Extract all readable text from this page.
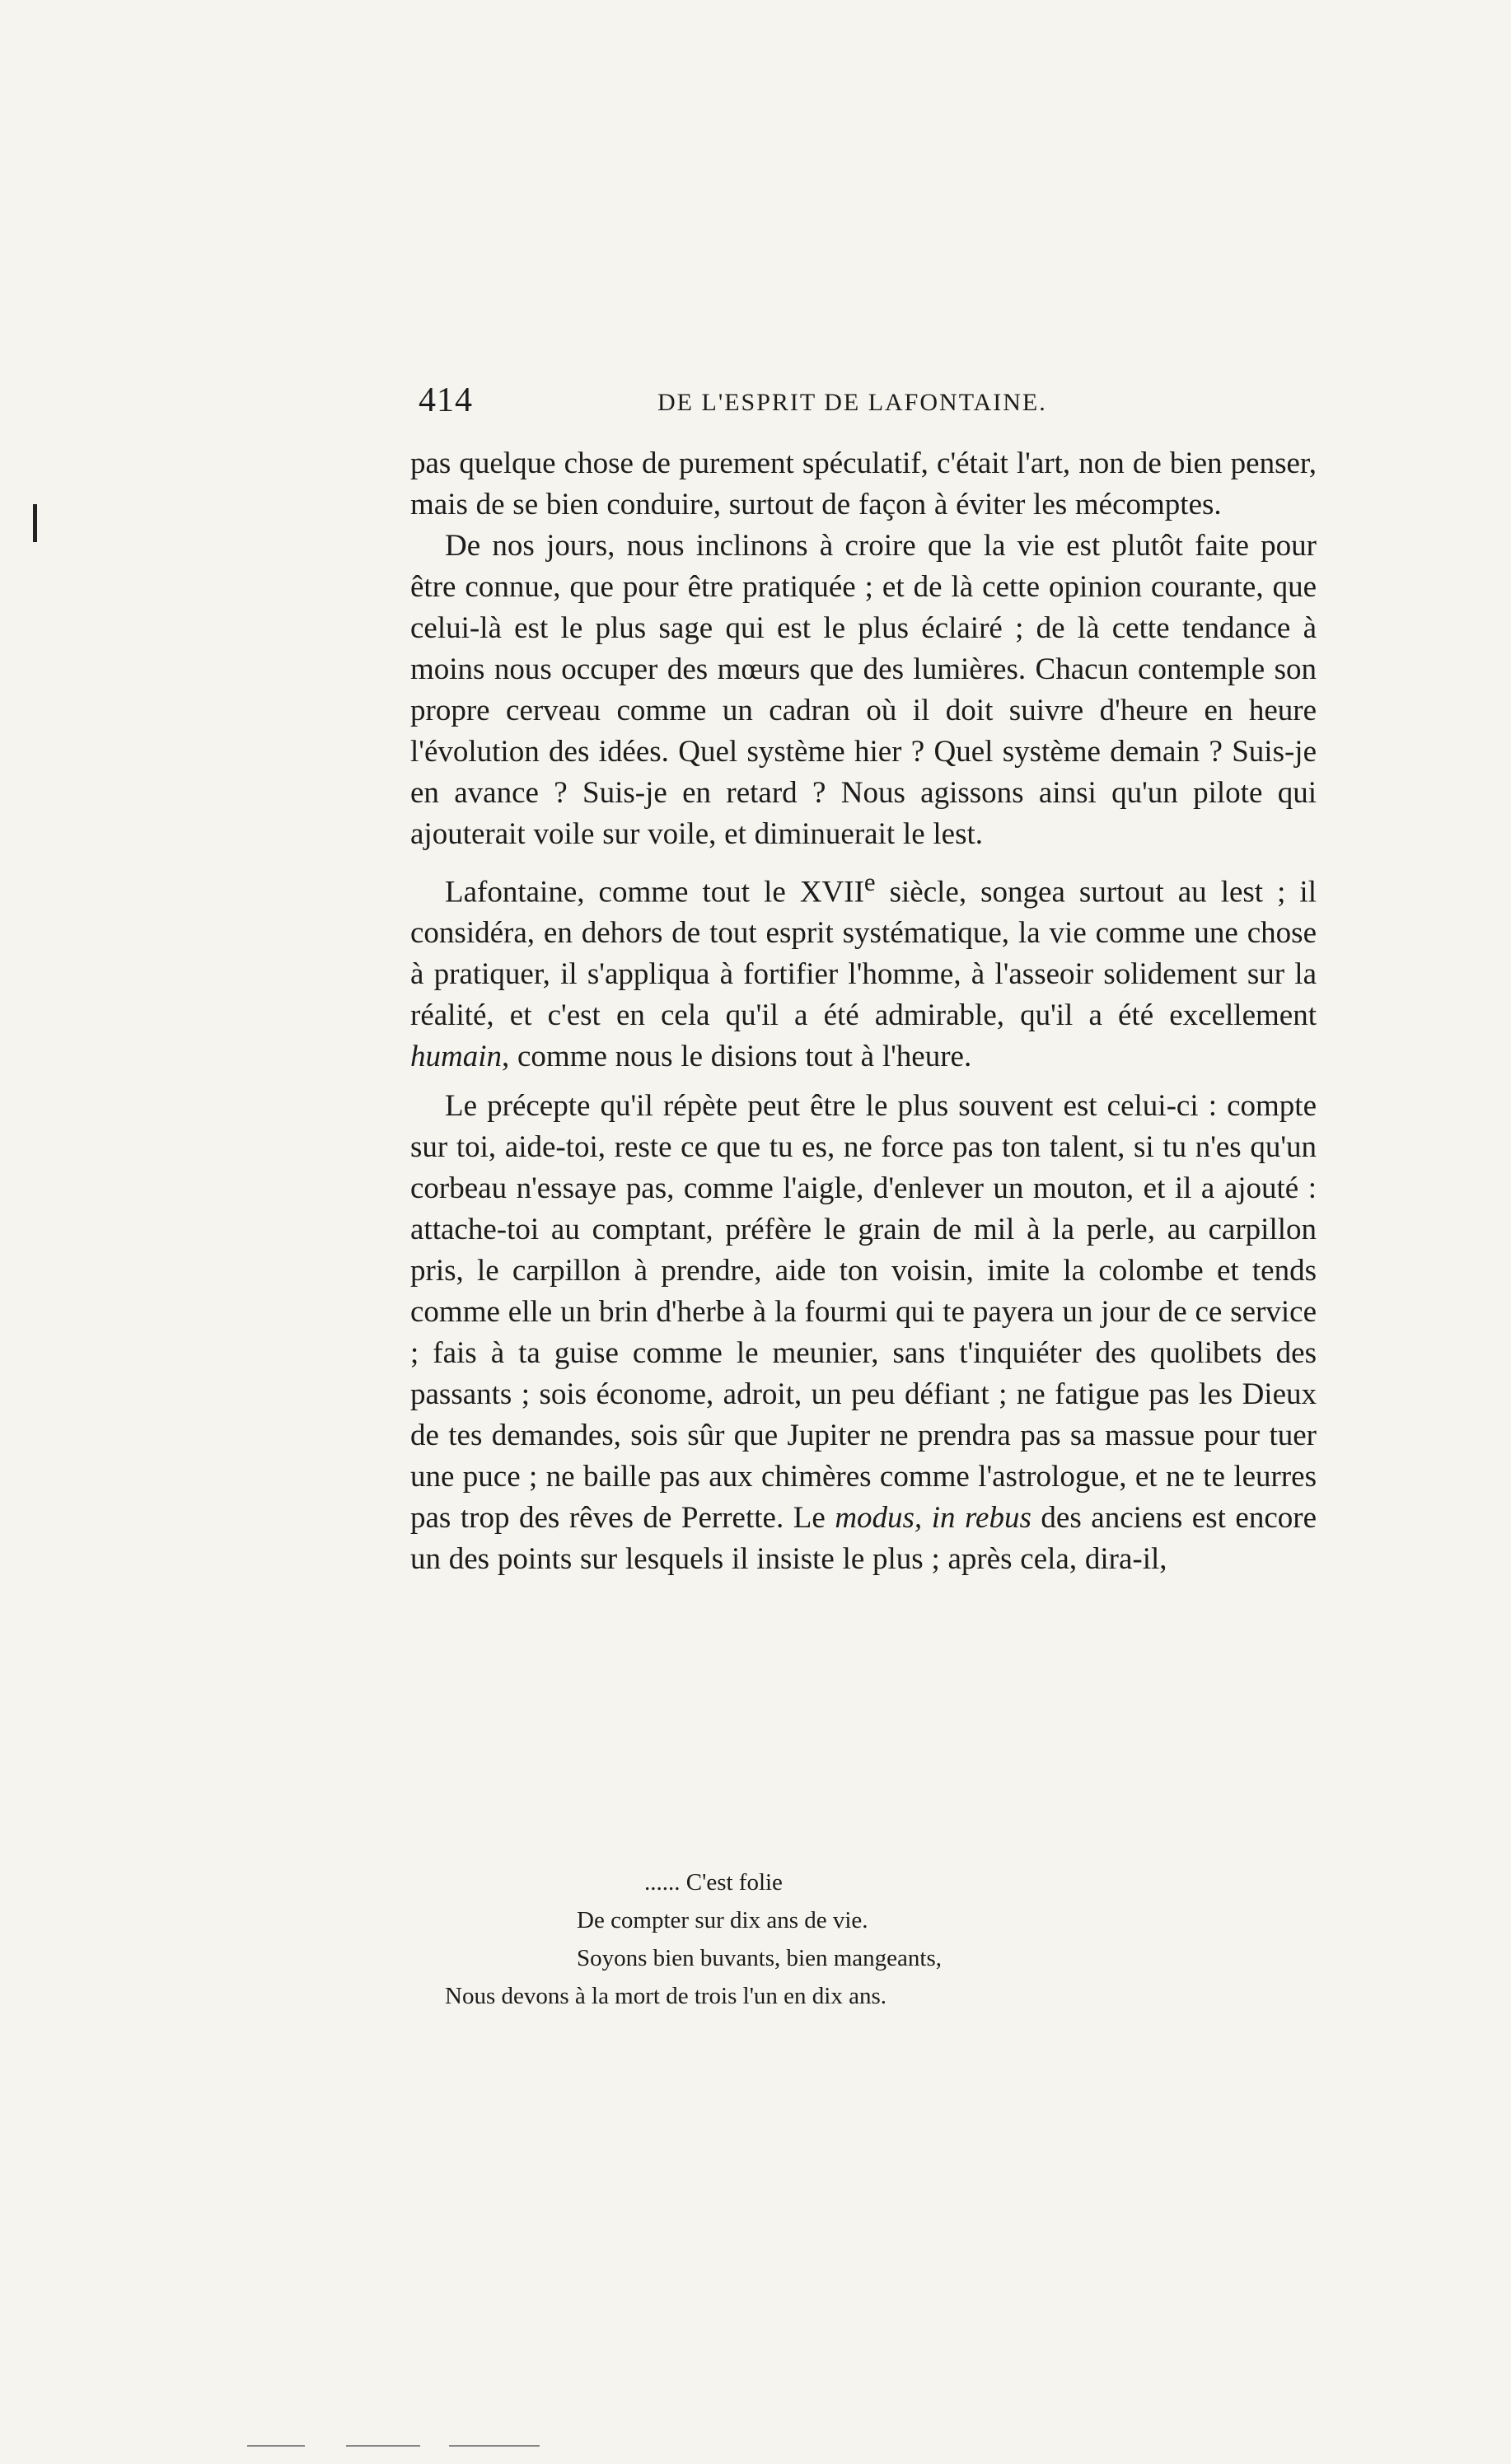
414	DE L'ESPRIT DE LAFONTAINE.

pas quelque chose de purement spéculatif, c'était l'art, non de bien penser, mais de se bien conduire, surtout de façon à éviter les mécomptes.

De nos jours, nous inclinons à croire que la vie est plutôt faite pour être connue, que pour être pratiquée ; et de là cette opinion courante, que celui-là est le plus sage qui est le plus éclairé ; de là cette tendance à moins nous occuper des mœurs que des lumières. Chacun contemple son propre cerveau comme un cadran où il doit suivre d'heure en heure l'évolution des idées. Quel système hier ? Quel système demain ? Suis-je en avance ? Suis-je en retard ? Nous agissons ainsi qu'un pilote qui ajouterait voile sur voile, et diminuerait le lest.

Lafontaine, comme tout le XVIIe siècle, songea surtout au lest ; il considéra, en dehors de tout esprit systématique, la vie comme une chose à pratiquer, il s'appliqua à fortifier l'homme, à l'asseoir solidement sur la réalité, et c'est en cela qu'il a été admirable, qu'il a été excellement humain, comme nous le disions tout à l'heure.

Le précepte qu'il répète peut être le plus souvent est celui-ci : compte sur toi, aide-toi, reste ce que tu es, ne force pas ton talent, si tu n'es qu'un corbeau n'essaye pas, comme l'aigle, d'enlever un mouton, et il a ajouté : attache-toi au comptant, préfère le grain de mil à la perle, au carpillon pris, le carpillon à prendre, aide ton voisin, imite la colombe et tends comme elle un brin d'herbe à la fourmi qui te payera un jour de ce service ; fais à ta guise comme le meunier, sans t'inquiéter des quolibets des passants ; sois économe, adroit, un peu défiant ; ne fatigue pas les Dieux de tes demandes, sois sûr que Jupiter ne prendra pas sa massue pour tuer une puce ; ne baille pas aux chimères comme l'astrologue, et ne te leurres pas trop des rêves de Perrette. Le modus, in rebus des anciens est encore un des points sur lesquels il insiste le plus ; après cela, dira-il,

...... C'est folie
De compter sur dix ans de vie.
Soyons bien buvants, bien mangeants,
Nous devons à la mort de trois l'un en dix ans.
